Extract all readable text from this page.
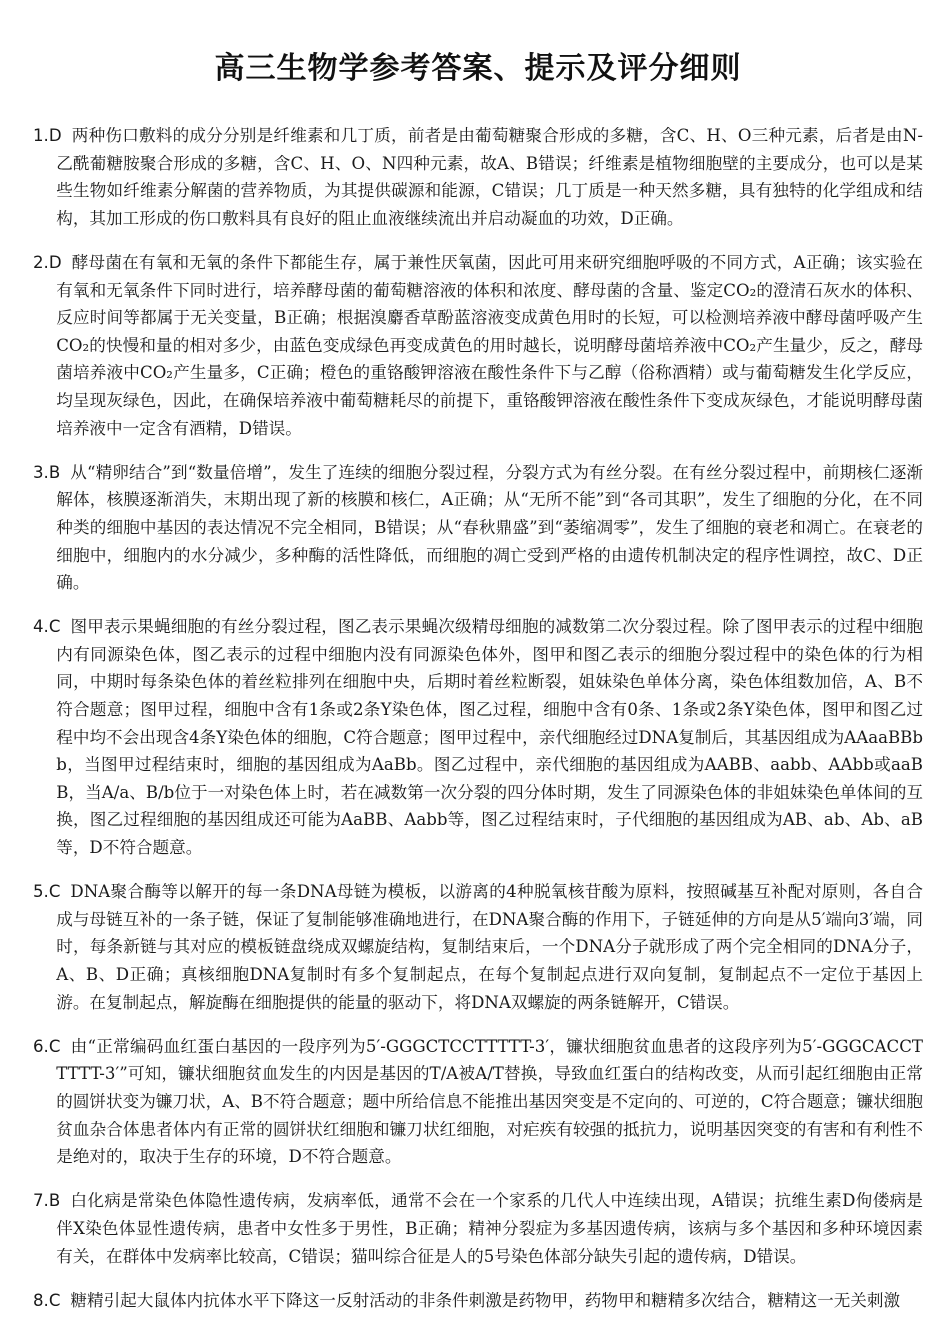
高三生物学参考答案、提示及评分细则

1.D 两种伤口敷料的成分分别是纤维素和几丁质，前者是由葡萄糖聚合形成的多糖，含C、H、O三种元素，后者是由N-乙酰葡糖胺聚合形成的多糖，含C、H、O、N四种元素，故A、B错误；纤维素是植物细胞壁的主要成分，也可以是某些生物如纤维素分解菌的营养物质，为其提供碳源和能源，C错误；几丁质是一种天然多糖，具有独特的化学组成和结构，其加工形成的伤口敷料具有良好的阻止血液继续流出并启动凝血的功效，D正确。

2.D 酵母菌在有氧和无氧的条件下都能生存，属于兼性厌氧菌，因此可用来研究细胞呼吸的不同方式，A正确；该实验在有氧和无氧条件下同时进行，培养酵母菌的葡萄糖溶液的体积和浓度、酵母菌的含量、鉴定CO₂的澄清石灰水的体积、反应时间等都属于无关变量，B正确；根据溴麝香草酚蓝溶液变成黄色用时的长短，可以检测培养液中酵母菌呼吸产生CO₂的快慢和量的相对多少，由蓝色变成绿色再变成黄色的用时越长，说明酵母菌培养液中CO₂产生量少，反之，酵母菌培养液中CO₂产生量多，C正确；橙色的重铬酸钾溶液在酸性条件下与乙醇（俗称酒精）或与葡萄糖发生化学反应，均呈现灰绿色，因此，在确保培养液中葡萄糖耗尽的前提下，重铬酸钾溶液在酸性条件下变成灰绿色，才能说明酵母菌培养液中一定含有酒精，D错误。

3.B 从“精卵结合”到“数量倍增”，发生了连续的细胞分裂过程，分裂方式为有丝分裂。在有丝分裂过程中，前期核仁逐渐解体，核膜逐渐消失，末期出现了新的核膜和核仁，A正确；从“无所不能”到“各司其职”，发生了细胞的分化，在不同种类的细胞中基因的表达情况不完全相同，B错误；从“春秋鼎盛”到“萎缩凋零”，发生了细胞的衰老和凋亡。在衰老的细胞中，细胞内的水分减少，多种酶的活性降低，而细胞的凋亡受到严格的由遗传机制决定的程序性调控，故C、D正确。

4.C 图甲表示果蝇细胞的有丝分裂过程，图乙表示果蝇次级精母细胞的减数第二次分裂过程。除了图甲表示的过程中细胞内有同源染色体，图乙表示的过程中细胞内没有同源染色体外，图甲和图乙表示的细胞分裂过程中的染色体的行为相同，中期时每条染色体的着丝粒排列在细胞中央，后期时着丝粒断裂，姐妹染色单体分离，染色体组数加倍，A、B不符合题意；图甲过程，细胞中含有1条或2条Y染色体，图乙过程，细胞中含有0条、1条或2条Y染色体，图甲和图乙过程中均不会出现含4条Y染色体的细胞，C符合题意；图甲过程中，亲代细胞经过DNA复制后，其基因组成为AAaaBBbb，当图甲过程结束时，细胞的基因组成为AaBb。图乙过程中，亲代细胞的基因组成为AABB、aabb、AAbb或aaBB，当A/a、B/b位于一对染色体上时，若在减数第一次分裂的四分体时期，发生了同源染色体的非姐妹染色单体间的互换，图乙过程细胞的基因组成还可能为AaBB、Aabb等，图乙过程结束时，子代细胞的基因组成为AB、ab、Ab、aB等，D不符合题意。

5.C DNA聚合酶等以解开的每一条DNA母链为模板，以游离的4种脱氧核苷酸为原料，按照碱基互补配对原则，各自合成与母链互补的一条子链，保证了复制能够准确地进行，在DNA聚合酶的作用下，子链延伸的方向是从5′端向3′端，同时，每条新链与其对应的模板链盘绕成双螺旋结构，复制结束后，一个DNA分子就形成了两个完全相同的DNA分子，A、B、D正确；真核细胞DNA复制时有多个复制起点，在每个复制起点进行双向复制，复制起点不一定位于基因上游。在复制起点，解旋酶在细胞提供的能量的驱动下，将DNA双螺旋的两条链解开，C错误。

6.C 由“正常编码血红蛋白基因的一段序列为5′-GGGCTCCTTTTT-3′，镰状细胞贫血患者的这段序列为5′-GGGCACCTTTTT-3′”可知，镰状细胞贫血发生的内因是基因的T/A被A/T替换，导致血红蛋白的结构改变，从而引起红细胞由正常的圆饼状变为镰刀状，A、B不符合题意；题中所给信息不能推出基因突变是不定向的、可逆的，C符合题意；镰状细胞贫血杂合体患者体内有正常的圆饼状红细胞和镰刀状红细胞，对疟疾有较强的抵抗力，说明基因突变的有害和有利性不是绝对的，取决于生存的环境，D不符合题意。

7.B 白化病是常染色体隐性遗传病，发病率低，通常不会在一个家系的几代人中连续出现，A错误；抗维生素D佝偻病是伴X染色体显性遗传病，患者中女性多于男性，B正确；精神分裂症为多基因遗传病，该病与多个基因和多种环境因素有关，在群体中发病率比较高，C错误；猫叫综合征是人的5号染色体部分缺失引起的遗传病，D错误。

8.C 糖精引起大鼠体内抗体水平下降这一反射活动的非条件刺激是药物甲，药物甲和糖精多次结合，糖精这一无关刺激
